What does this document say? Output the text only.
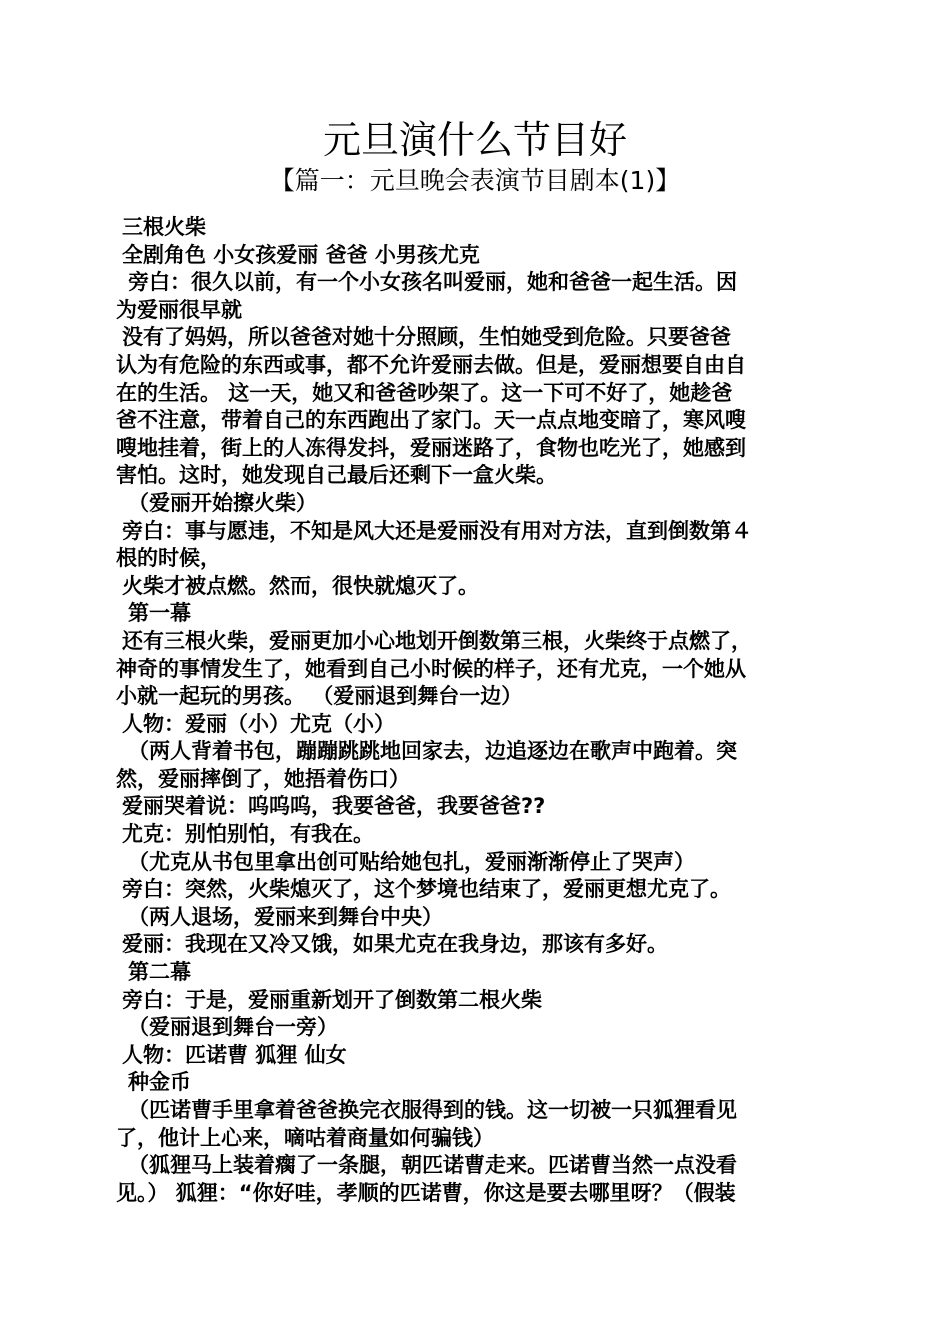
元旦演什么节目好
【篇一：元旦晚会表演节目剧本(1)】
三根火柴
全剧角色 小女孩爱丽 爸爸 小男孩尤克
旁白：很久以前，有一个小女孩名叫爱丽，她和爸爸一起生活。因
为爱丽很早就
没有了妈妈，所以爸爸对她十分照顾，生怕她受到危险。只要爸爸
认为有危险的东西或事，都不允许爱丽去做。但是，爱丽想要自由自
在的生活。 这一天，她又和爸爸吵架了。这一下可不好了，她趁爸
爸不注意，带着自己的东西跑出了家门。天一点点地变暗了，寒风嗖
嗖地挂着，街上的人冻得发抖，爱丽迷路了，食物也吃光了，她感到
害怕。这时，她发现自己最后还剩下一盒火柴。
（爱丽开始擦火柴）
旁白：事与愿违，不知是风大还是爱丽没有用对方法，直到倒数第４
根的时候，
火柴才被点燃。然而，很快就熄灭了。
第一幕
还有三根火柴，爱丽更加小心地划开倒数第三根，火柴终于点燃了，
神奇的事情发生了，她看到自己小时候的样子，还有尤克，一个她从
小就一起玩的男孩。 （爱丽退到舞台一边）
人物：爱丽（小）尤克（小）
（两人背着书包，蹦蹦跳跳地回家去，边追逐边在歌声中跑着。突
然，爱丽摔倒了，她捂着伤口）
爱丽哭着说：呜呜呜，我要爸爸，我要爸爸??
尤克：别怕别怕，有我在。
（尤克从书包里拿出创可贴给她包扎，爱丽渐渐停止了哭声）
旁白：突然，火柴熄灭了，这个梦境也结束了，爱丽更想尤克了。
（两人退场，爱丽来到舞台中央）
爱丽：我现在又冷又饿，如果尤克在我身边，那该有多好。
第二幕
旁白：于是，爱丽重新划开了倒数第二根火柴
（爱丽退到舞台一旁）
人物：匹诺曹 狐狸 仙女
种金币
（匹诺曹手里拿着爸爸换完衣服得到的钱。这一切被一只狐狸看见
了，他计上心来，嘀咕着商量如何骗钱）
（狐狸马上装着瘸了一条腿，朝匹诺曹走来。匹诺曹当然一点没看
见。） 狐狸：“你好哇，孝顺的匹诺曹，你这是要去哪里呀？（假装
